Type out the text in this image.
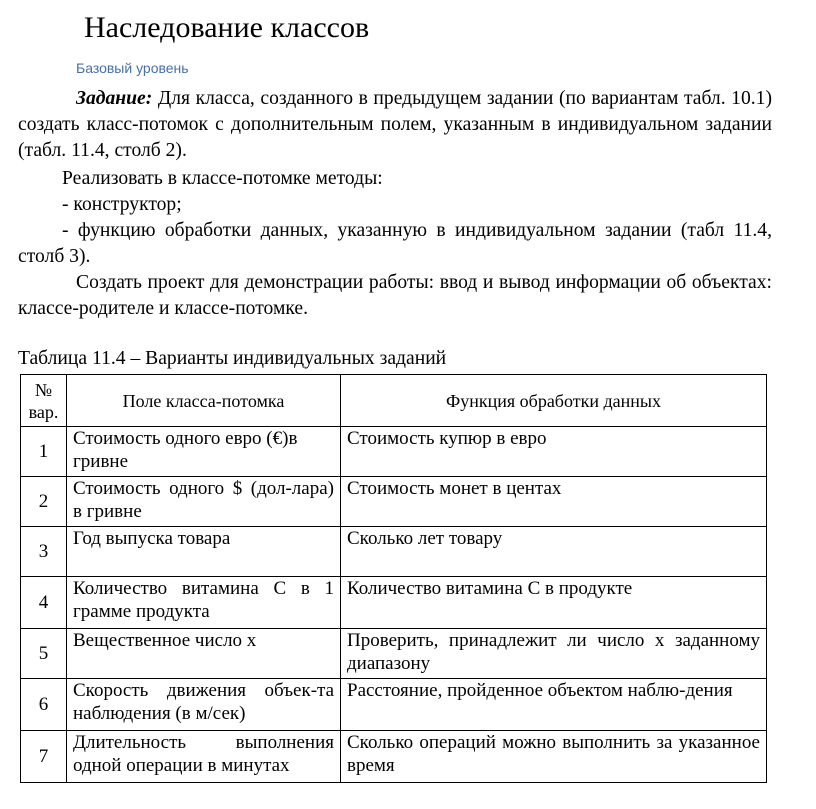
Наследование классов
Базовый уровень
Задание: Для класса, созданного в предыдущем задании (по вариантам табл. 10.1) создать класс-потомок с дополнительным полем, указанным в индивидуальном задании (табл. 11.4, столб 2).
Реализовать в классе-потомке методы:
- конструктор;
- функцию обработки данных, указанную в индивидуальном задании (табл 11.4, столб 3).
Создать проект для демонстрации работы: ввод и вывод информации об объектах: классе-родителе и классе-потомке.
Таблица 11.4 – Варианты индивидуальных заданий
№ вар.	Поле класса-потомка	Функция обработки данных
1	Стоимость одного евро (€)в гривне	Стоимость купюр в евро
2	Стоимость одного $ (дол-лара) в гривне	Стоимость монет в центах
3	Год выпуска товара	Сколько лет товару
4	Количество витамина С в 1 грамме продукта	Количество витамина С в продукте
5	Вещественное число x	Проверить, принадлежит ли число x заданному диапазону
6	Скорость движения объек-та наблюдения (в м/сек)	Расстояние, пройденное объектом наблю-дения
7	Длительность выполнения одной операции в минутах	Сколько операций можно выполнить за указанное время
